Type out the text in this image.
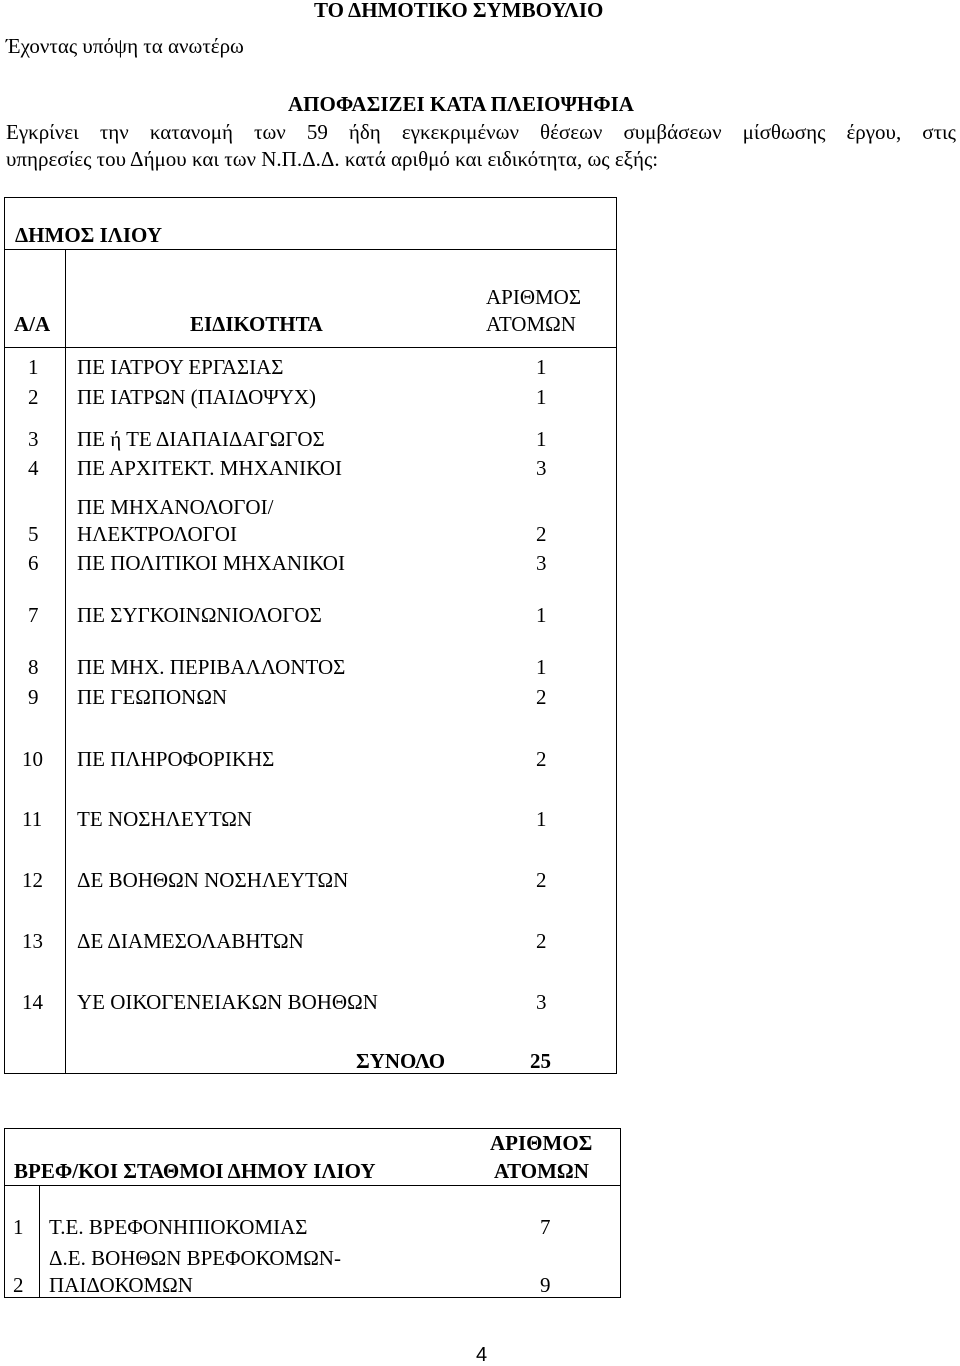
ΤΟ ΔΗΜΟΤΙΚΟ ΣΥΜΒΟΥΛΙΟ
Έχοντας υπόψη τα ανωτέρω
ΑΠΟΦΑΣΙΖΕΙ ΚΑΤΑ ΠΛΕΙΟΨΗΦΙΑ
Εγκρίνει την κατανομή των 59 ήδη εγκεκριμένων θέσεων συμβάσεων μίσθωσης έργου, στις
υπηρεσίες του Δήμου και των Ν.Π.Δ.Δ. κατά αριθμό και ειδικότητα, ως εξής:
ΔΗΜΟΣ ΙΛΙΟΥ
Α/Α	ΕΙΔΙΚΟΤΗΤΑ
ΑΡΙΘΜΟΣ
ΑΤΟΜΩΝ
1 ΠΕ ΙΑΤΡΟΥ ΕΡΓΑΣΙΑΣ	1
2 ΠΕ ΙΑΤΡΩΝ (ΠΑΙΔΟΨΥΧ)	1
3 ΠΕ ή ΤΕ ΔΙΑΠΑΙΔΑΓΩΓΟΣ	1
4 ΠΕ ΑΡΧΙΤΕΚΤ. ΜΗΧΑΝΙΚΟΙ	3
ΠΕ ΜΗΧΑΝΟΛΟΓΟΙ/
5 ΗΛΕΚΤΡΟΛΟΓΟΙ	2
6 ΠΕ ΠΟΛΙΤΙΚΟΙ ΜΗΧΑΝΙΚΟΙ	3
7 ΠΕ ΣΥΓΚΟΙΝΩΝΙΟΛΟΓΟΣ	1
8 ΠΕ ΜΗΧ. ΠΕΡΙΒΑΛΛΟΝΤΟΣ	1
9 ΠΕ ΓΕΩΠΟΝΩΝ	2
10 ΠΕ ΠΛΗΡΟΦΟΡΙΚΗΣ	2
11 ΤΕ ΝΟΣΗΛΕΥΤΩΝ	1
12 ΔΕ ΒΟΗΘΩΝ ΝΟΣΗΛΕΥΤΩΝ	2
13 ΔΕ ΔΙΑΜΕΣΟΛΑΒΗΤΩΝ	2
14 ΥΕ ΟΙΚΟΓΕΝΕΙΑΚΩΝ ΒΟΗΘΩΝ	3
ΣΥΝΟΛΟ	25
ΒΡΕΦ/ΚΟΙ ΣΤΑΘΜΟΙ ΔΗΜΟΥ ΙΛΙΟΥ
ΑΡΙΘΜΟΣ
ΑΤΟΜΩΝ
1 Τ.Ε. ΒΡΕΦΟΝΗΠΙΟΚΟΜΙΑΣ	7
Δ.Ε. ΒΟΗΘΩΝ ΒΡΕΦΟΚΟΜΩΝ-
2 ΠΑΙΔΟΚΟΜΩΝ	9
4
